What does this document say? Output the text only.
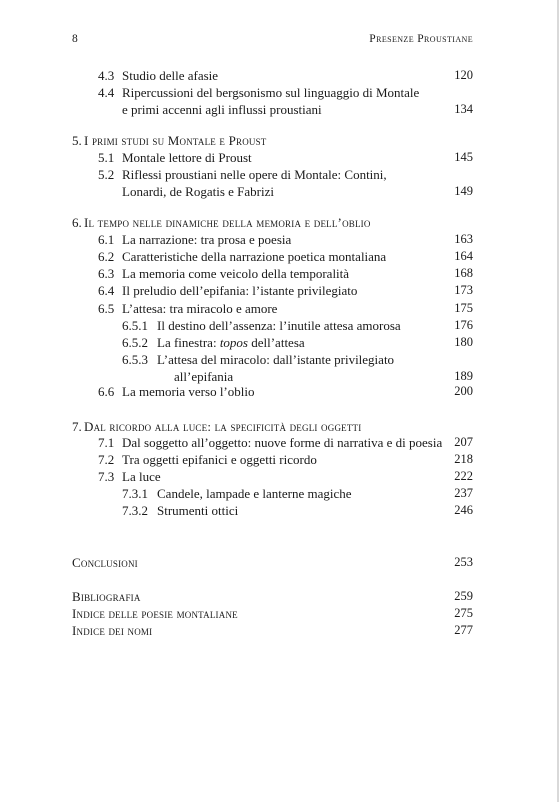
8	Presenze Proustiane
4.3 Studio delle afasie	120
4.4 Ripercussioni del bergsonismo sul linguaggio di Montale
e primi accenni agli influssi proustiani	134
5. I primi studi su Montale e Proust
5.1 Montale lettore di Proust	145
5.2 Riflessi proustiani nelle opere di Montale: Contini,
Lonardi, de Rogatis e Fabrizi	149
6. Il tempo nelle dinamiche della memoria e dell’oblio
6.1 La narrazione: tra prosa e poesia	163
6.2 Caratteristiche della narrazione poetica montaliana	164
6.3 La memoria come veicolo della temporalità	168
6.4 Il preludio dell’epifania: l’istante privilegiato	173
6.5 L’attesa: tra miracolo e amore	175
6.5.1 Il destino dell’assenza: l’inutile attesa amorosa	176
6.5.2 La finestra: topos dell’attesa	180
6.5.3 L’attesa del miracolo: dall’istante privilegiato
all’epifania	189
6.6 La memoria verso l’oblio	200
7. Dal ricordo alla luce: la specificità degli oggetti
7.1 Dal soggetto all’oggetto: nuove forme di narrativa e di poesia 207
7.2 Tra oggetti epifanici e oggetti ricordo	218
7.3 La luce	222
7.3.1 Candele, lampade e lanterne magiche	237
7.3.2 Strumenti ottici	246
Conclusioni	253
Bibliografia	259
Indice delle poesie montaliane	275
Indice dei nomi	277
